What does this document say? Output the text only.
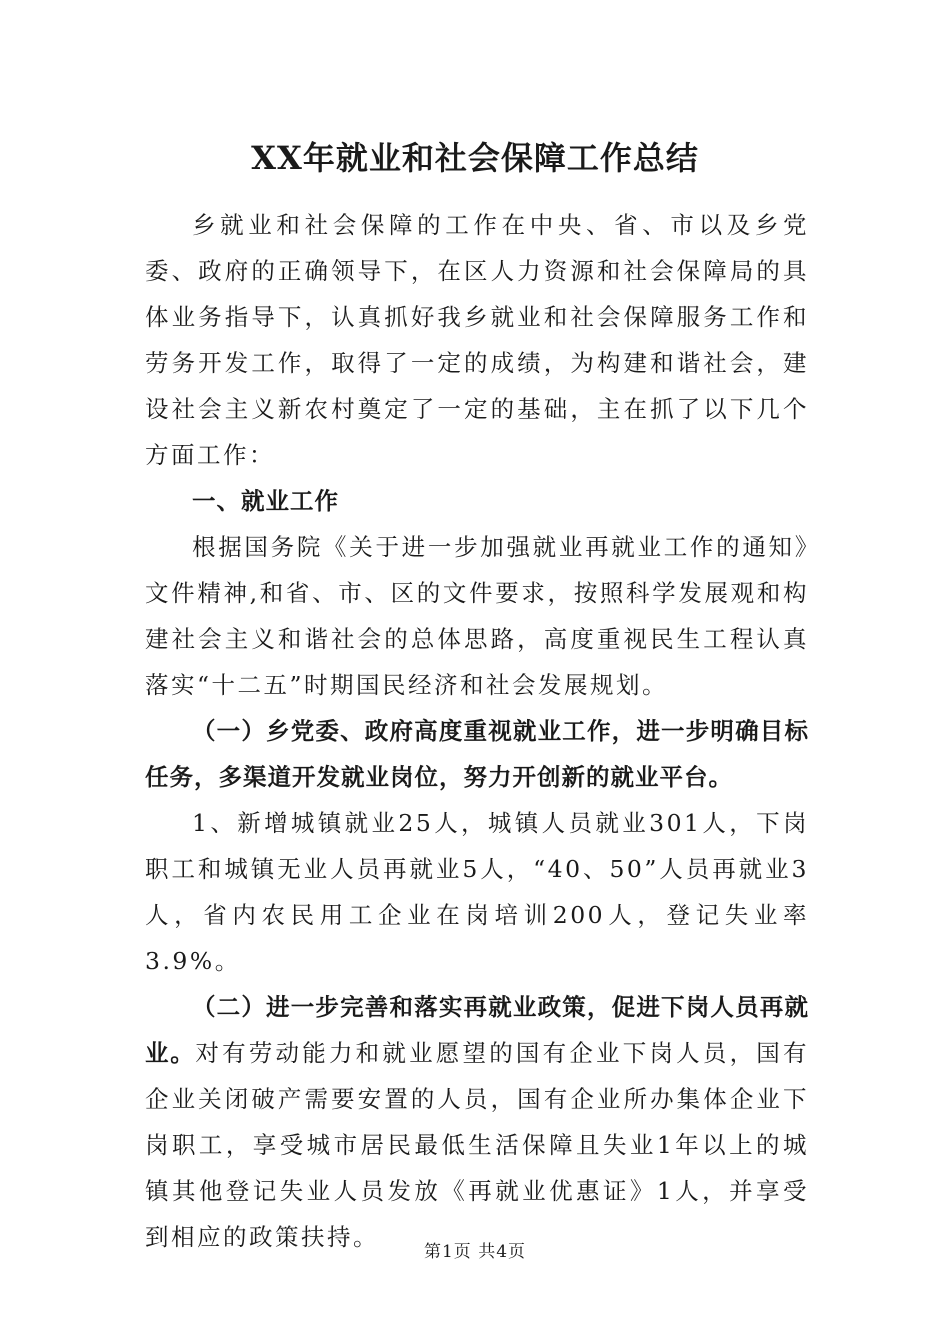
XX年就业和社会保障工作总结

乡就业和社会保障的工作在中央、省、市以及乡党委、政府的正确领导下，在区人力资源和社会保障局的具体业务指导下，认真抓好我乡就业和社会保障服务工作和劳务开发工作，取得了一定的成绩，为构建和谐社会，建设社会主义新农村奠定了一定的基础，主在抓了以下几个方面工作：

一、就业工作

根据国务院《关于进一步加强就业再就业工作的通知》文件精神,和省、市、区的文件要求，按照科学发展观和构建社会主义和谐社会的总体思路，高度重视民生工程认真落实“十二五”时期国民经济和社会发展规划。

（一）乡党委、政府高度重视就业工作，进一步明确目标任务，多渠道开发就业岗位，努力开创新的就业平台。

1、新增城镇就业25人，城镇人员就业301人，下岗职工和城镇无业人员再就业5人，“40、50”人员再就业3人，省内农民用工企业在岗培训200人，登记失业率3.9%。

（二）进一步完善和落实再就业政策，促进下岗人员再就业。对有劳动能力和就业愿望的国有企业下岗人员，国有企业关闭破产需要安置的人员，国有企业所办集体企业下岗职工，享受城市居民最低生活保障且失业1年以上的城镇其他登记失业人员发放《再就业优惠证》1人，并享受到相应的政策扶持。

第1页 共4页
